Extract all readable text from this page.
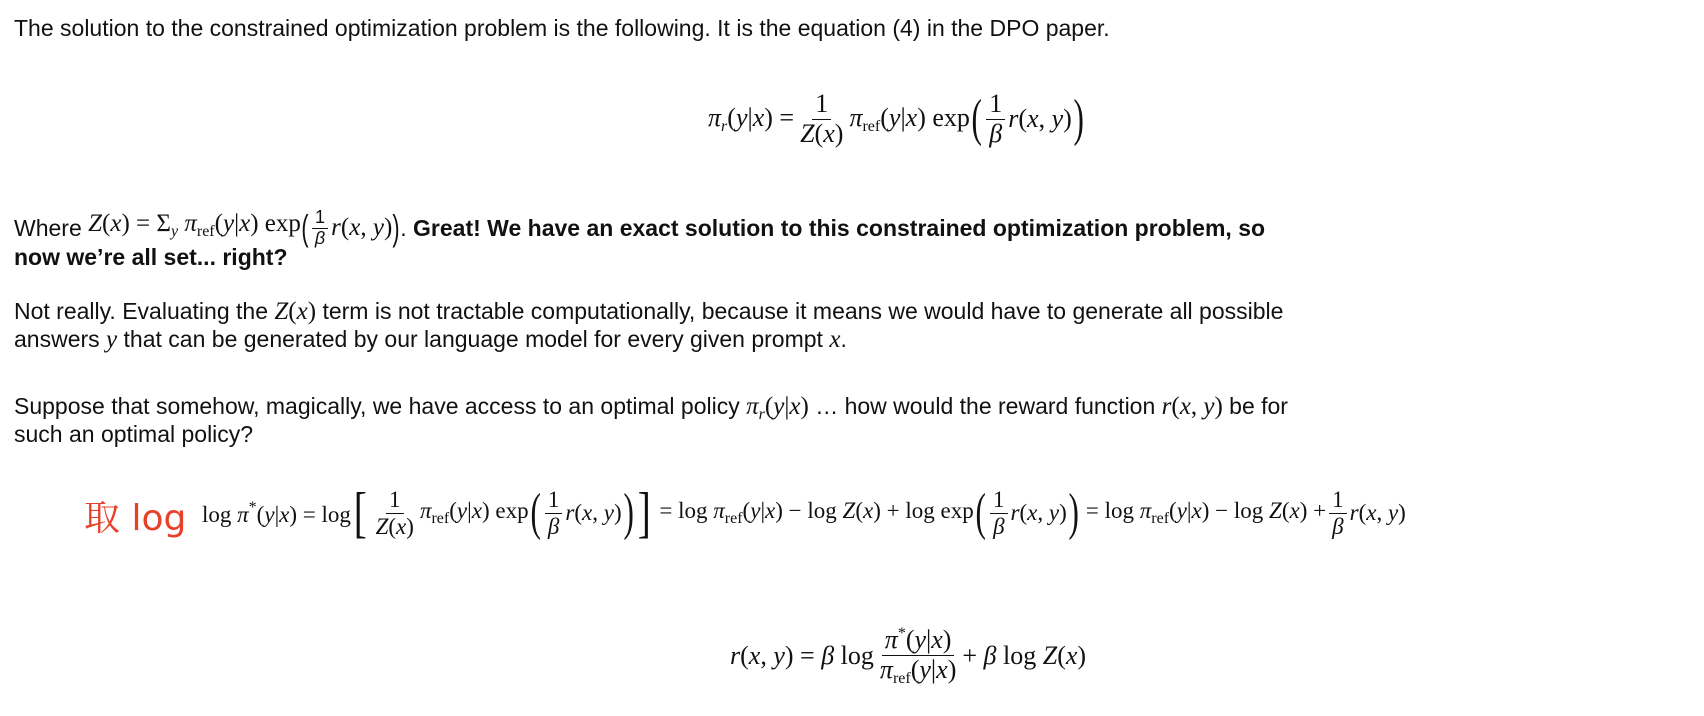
The solution to the constrained optimization problem is the following. It is the equation (4) in the DPO paper.
$\pi_r(y|x) = \frac{1}{Z(x)} \pi_{ref}(y|x)$ exp ( $\frac{1}{\beta} r(x$, y) )
Where
$Z(x) = \Sigma_y$ $\pi_{ref}(y|x)$ exp ( $\frac{1}{\beta} r(x$, y) ) . Great! We have an exact solution to this constrained optimization problem, so
now we’re all set... right?
Not really. Evaluating the Z(x) term is not tractable computationally, because it means we would have to generate all possible
answers y that can be generated by our language model for every given prompt x.
Suppose that somehow, magically, we have access to an optimal policy $\pi_r(y|x)$ … how would the reward function r(x, y) be for
such an optimal policy?
取 log log π*(y|x) = log [ $\frac{1}{Z(x)} \pi_{ref}(y|x)$ exp ( $\frac{1}{\beta} r(x$, y) ) ] = $\log \pi_{ref}(y|x) - \log Z(x) + \log \exp$ ( $\frac{1}{\beta} r(x$, y) ) = $\log \pi_{ref}(y|x) - \log Z(x) + \frac{1}{\beta} r(x$, y)
r(x, y) = β $\log \frac{\pi^*(y|x)}{\pi_{ref}(y|x)} + \beta$ log Z(x)
